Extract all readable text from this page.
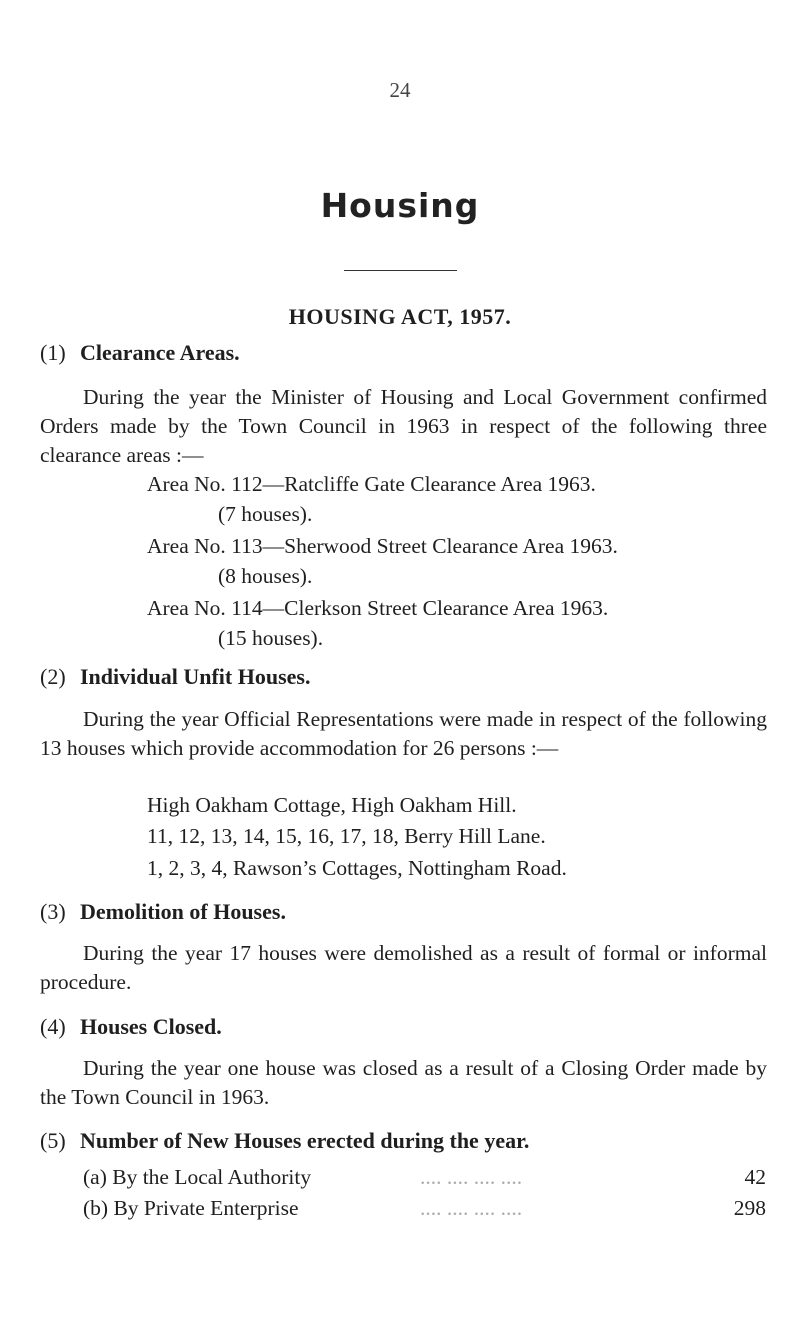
24
Housing
HOUSING ACT, 1957.
(1) Clearance Areas.

During the year the Minister of Housing and Local Government confirmed Orders made by the Town Council in 1963 in respect of the following three clearance areas :—

Area No. 112—Ratcliffe Gate Clearance Area 1963.
(7 houses).
Area No. 113—Sherwood Street Clearance Area 1963.
(8 houses).
Area No. 114—Clerkson Street Clearance Area 1963.
(15 houses).
(2) Individual Unfit Houses.

During the year Official Representations were made in respect of the following 13 houses which provide accommodation for 26 persons :—

High Oakham Cottage, High Oakham Hill.
11, 12, 13, 14, 15, 16, 17, 18, Berry Hill Lane.
1, 2, 3, 4, Rawson’s Cottages, Nottingham Road.
(3) Demolition of Houses.

During the year 17 houses were demolished as a result of formal or informal procedure.

(4) Houses Closed.

During the year one house was closed as a result of a Closing Order made by the Town Council in 1963.

(5) Number of New Houses erected during the year.
(a) By the Local Authority	.... .... .... ....	42
(b) By Private Enterprise	.... .... .... ....	298
